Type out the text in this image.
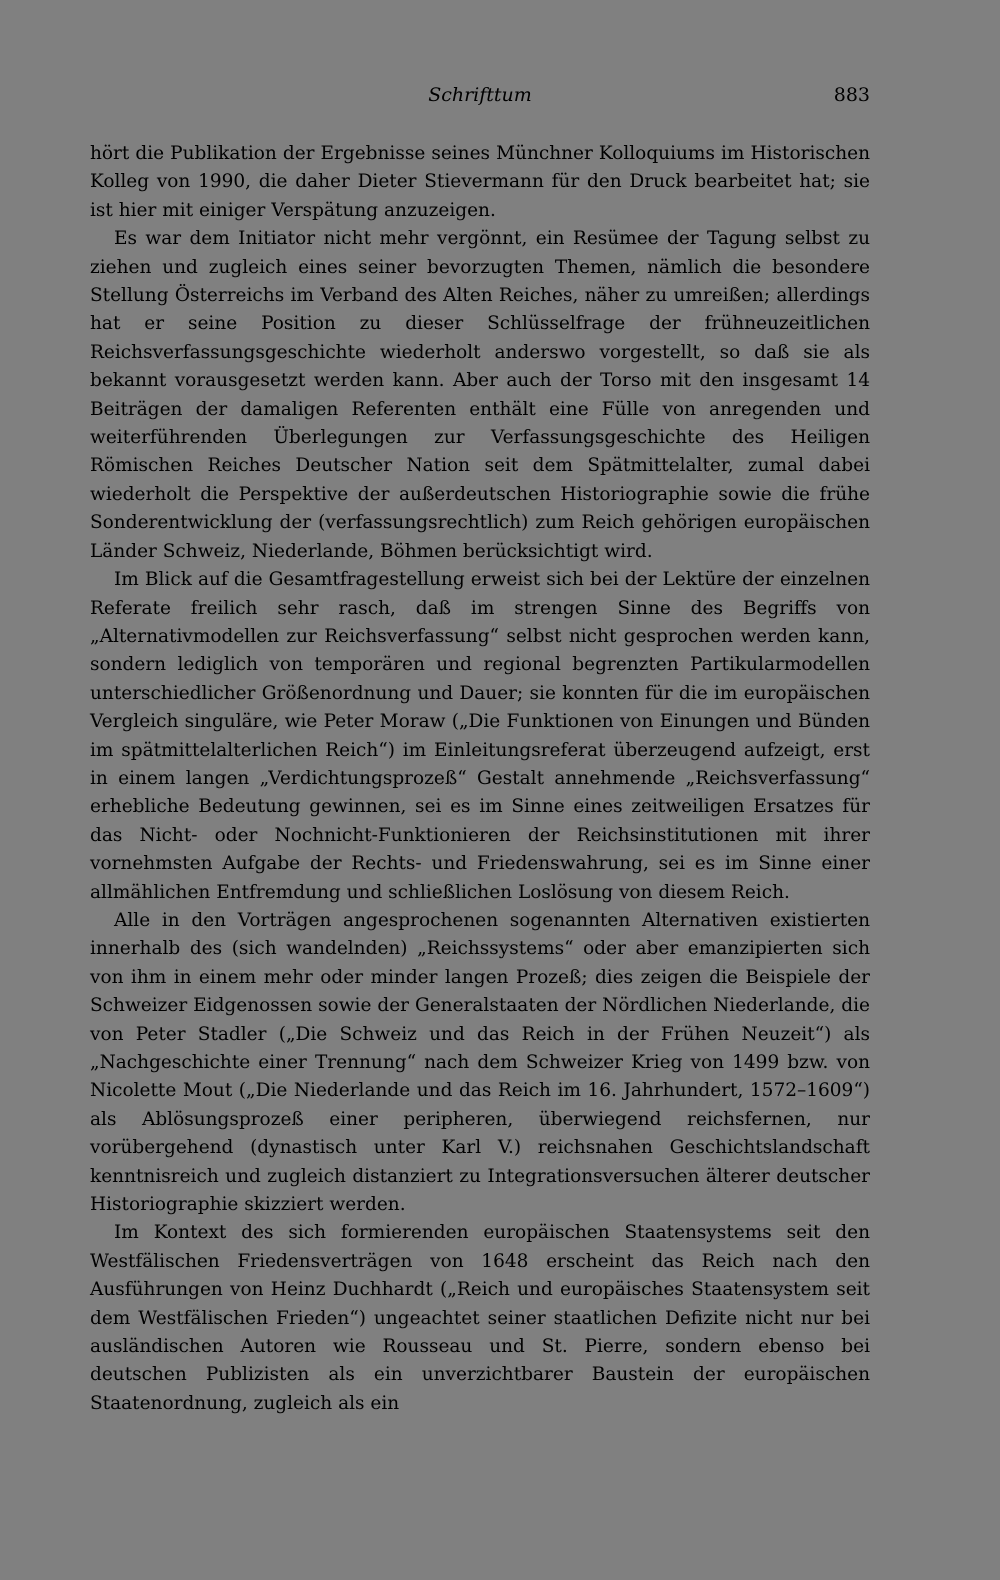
Schrifttum	883

hört die Publikation der Ergebnisse seines Münchner Kolloquiums im Historischen Kolleg von 1990, die daher Dieter Stievermann für den Druck bearbeitet hat; sie ist hier mit einiger Verspätung anzuzeigen.

Es war dem Initiator nicht mehr vergönnt, ein Resümee der Tagung selbst zu ziehen und zugleich eines seiner bevorzugten Themen, nämlich die besondere Stellung Österreichs im Verband des Alten Reiches, näher zu umreißen; allerdings hat er seine Position zu dieser Schlüsselfrage der frühneuzeitlichen Reichsverfassungsgeschichte wiederholt anderswo vorgestellt, so daß sie als bekannt vorausgesetzt werden kann. Aber auch der Torso mit den insgesamt 14 Beiträgen der damaligen Referenten enthält eine Fülle von anregenden und weiterführenden Überlegungen zur Verfassungsgeschichte des Heiligen Römischen Reiches Deutscher Nation seit dem Spätmittelalter, zumal dabei wiederholt die Perspektive der außerdeutschen Historiographie sowie die frühe Sonderentwicklung der (verfassungsrechtlich) zum Reich gehörigen europäischen Länder Schweiz, Niederlande, Böhmen berücksichtigt wird.

Im Blick auf die Gesamtfragestellung erweist sich bei der Lektüre der einzelnen Referate freilich sehr rasch, daß im strengen Sinne des Begriffs von „Alternativmodellen zur Reichsverfassung“ selbst nicht gesprochen werden kann, sondern lediglich von temporären und regional begrenzten Partikularmodellen unterschiedlicher Größenordnung und Dauer; sie konnten für die im europäischen Vergleich singuläre, wie Peter Moraw („Die Funktionen von Einungen und Bünden im spätmittelalterlichen Reich“) im Einleitungsreferat überzeugend aufzeigt, erst in einem langen „Verdichtungsprozeß“ Gestalt annehmende „Reichsverfassung“ erhebliche Bedeutung gewinnen, sei es im Sinne eines zeitweiligen Ersatzes für das Nicht- oder Nochnicht-Funktionieren der Reichsinstitutionen mit ihrer vornehmsten Aufgabe der Rechts- und Friedenswahrung, sei es im Sinne einer allmählichen Entfremdung und schließlichen Loslösung von diesem Reich.

Alle in den Vorträgen angesprochenen sogenannten Alternativen existierten innerhalb des (sich wandelnden) „Reichssystems“ oder aber emanzipierten sich von ihm in einem mehr oder minder langen Prozeß; dies zeigen die Beispiele der Schweizer Eidgenossen sowie der Generalstaaten der Nördlichen Niederlande, die von Peter Stadler („Die Schweiz und das Reich in der Frühen Neuzeit“) als „Nachgeschichte einer Trennung“ nach dem Schweizer Krieg von 1499 bzw. von Nicolette Mout („Die Niederlande und das Reich im 16. Jahrhundert, 1572–1609“) als Ablösungsprozeß einer peripheren, überwiegend reichsfernen, nur vorübergehend (dynastisch unter Karl V.) reichsnahen Geschichtslandschaft kenntnisreich und zugleich distanziert zu Integrationsversuchen älterer deutscher Historiographie skizziert werden.

Im Kontext des sich formierenden europäischen Staatensystems seit den Westfälischen Friedensverträgen von 1648 erscheint das Reich nach den Ausführungen von Heinz Duchhardt („Reich und europäisches Staatensystem seit dem Westfälischen Frieden“) ungeachtet seiner staatlichen Defizite nicht nur bei ausländischen Autoren wie Rousseau und St. Pierre, sondern ebenso bei deutschen Publizisten als ein unverzichtbarer Baustein der europäischen Staatenordnung, zugleich als ein
